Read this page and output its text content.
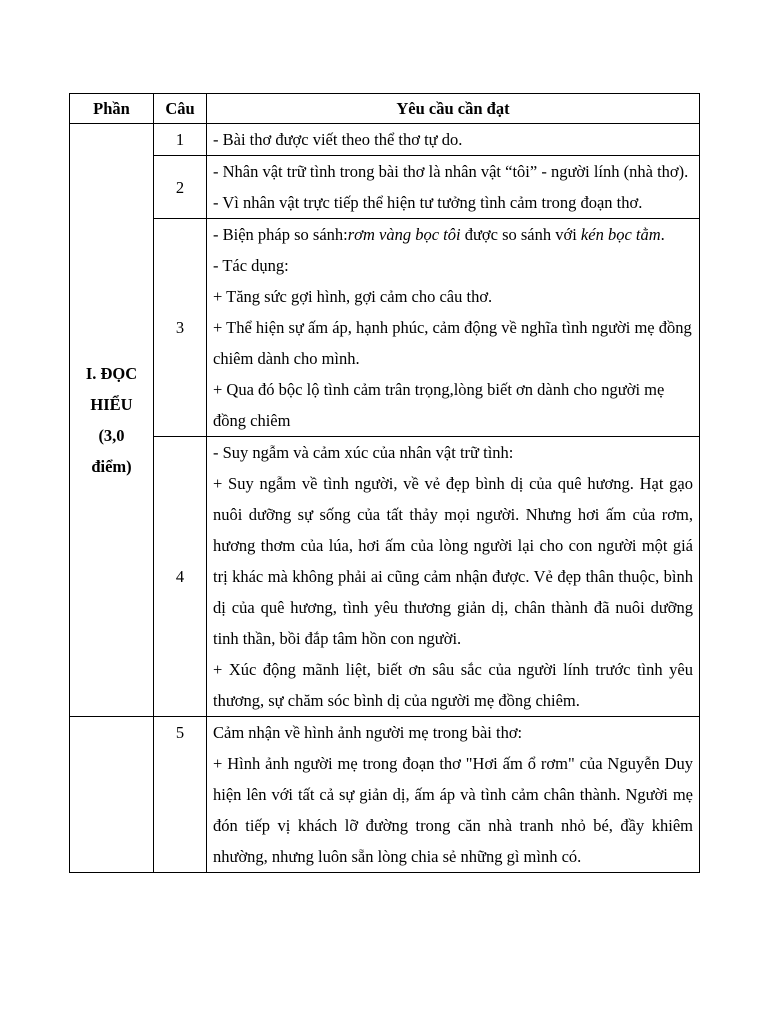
Phần	Câu	Yêu cầu cần đạt

I. ĐỌC
HIỂU
(3,0
điểm)	1	- Bài thơ được viết theo thể thơ tự do.

	2	- Nhân vật trữ tình trong bài thơ là nhân vật “tôi” - người lính (nhà thơ).

- Vì nhân vật trực tiếp thể hiện tư tưởng tình cảm trong đoạn thơ.

	3	- Biện pháp so sánh:rơm vàng bọc tôi được so sánh với kén bọc tằm.

- Tác dụng:

+ Tăng sức gợi hình, gợi cảm cho câu thơ.

+ Thể hiện sự ấm áp, hạnh phúc, cảm động về nghĩa tình người mẹ đồng chiêm dành cho mình.

+ Qua đó bộc lộ tình cảm trân trọng,lòng biết ơn dành cho người mẹ đồng chiêm

	4	- Suy ngẫm và cảm xúc của nhân vật trữ tình:

+ Suy ngẫm về tình người, về vẻ đẹp bình dị của quê hương. Hạt gạo nuôi dưỡng sự sống của tất thảy mọi người. Nhưng hơi ấm của rơm, hương thơm của lúa, hơi ấm của lòng người lại cho con người một giá trị khác mà không phải ai cũng cảm nhận được. Vẻ đẹp thân thuộc, bình dị của quê hương, tình yêu thương giản dị, chân thành đã nuôi dưỡng tinh thần, bồi đắp tâm hồn con người.

+ Xúc động mãnh liệt, biết ơn sâu sắc của người lính trước tình yêu thương, sự chăm sóc bình dị của người mẹ đồng chiêm.

	5	Cảm nhận về hình ảnh người mẹ trong bài thơ:

+ Hình ảnh người mẹ trong đoạn thơ "Hơi ấm ổ rơm" của Nguyễn Duy hiện lên với tất cả sự giản dị, ấm áp và tình cảm chân thành. Người mẹ đón tiếp vị khách lỡ đường trong căn nhà tranh nhỏ bé, đầy khiêm nhường, nhưng luôn sẵn lòng chia sẻ những gì mình có.
